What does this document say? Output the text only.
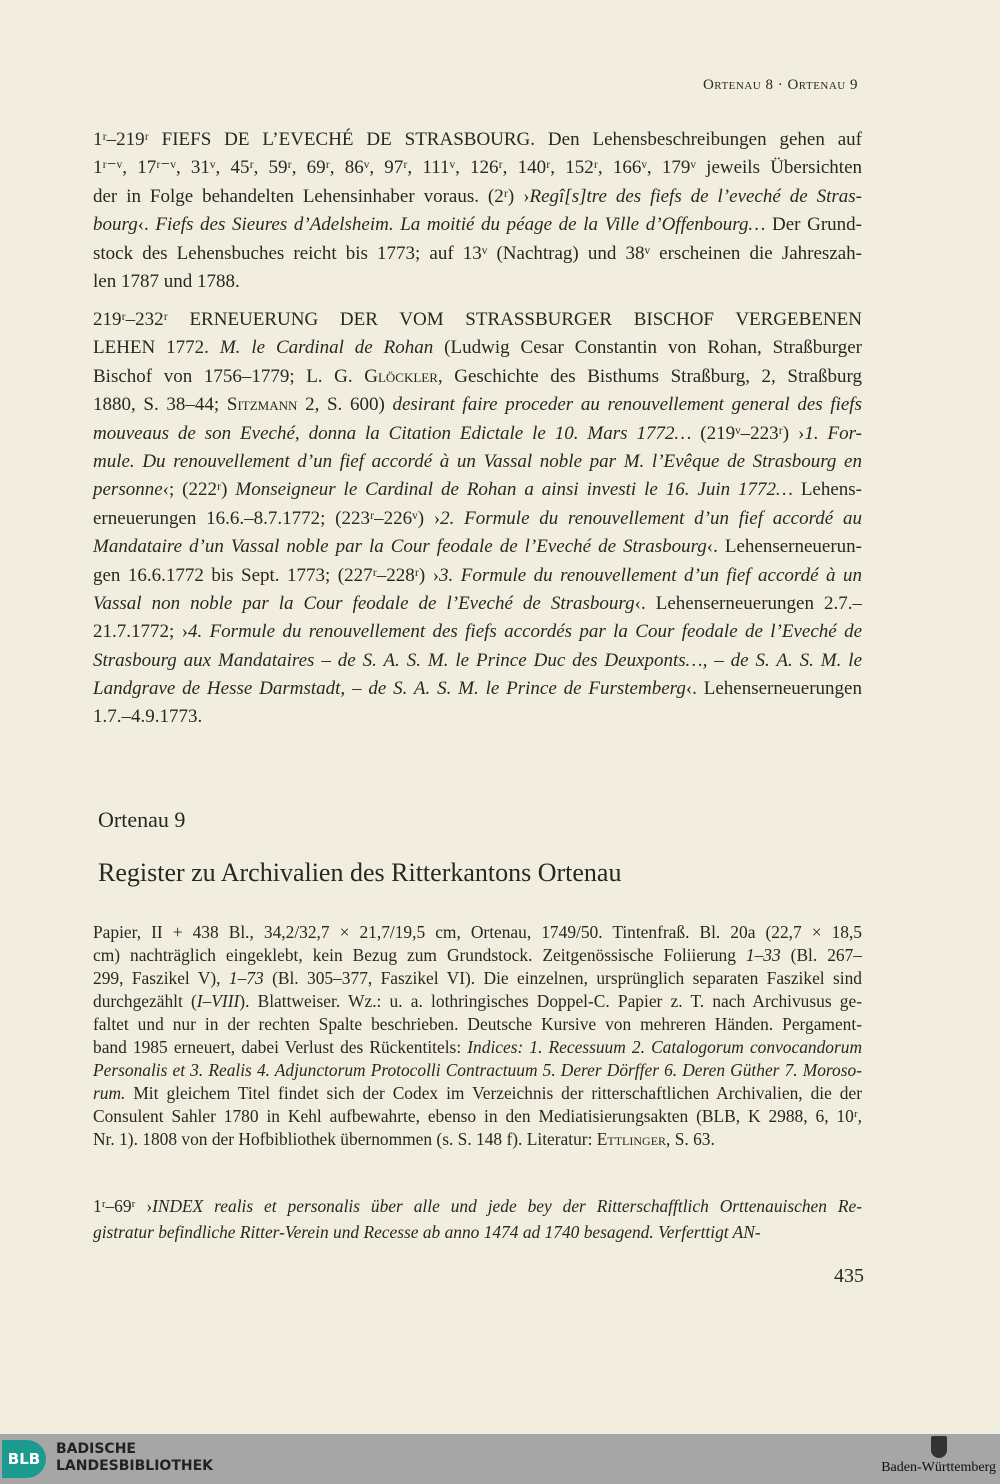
Ortenau 8 · Ortenau 9
1ʳ–219ʳ FIEFS DE L’EVECHÉ DE STRASBOURG. Den Lehensbeschreibungen gehen auf
1ʳ⁻ᵛ, 17ʳ⁻ᵛ, 31ᵛ, 45ʳ, 59ʳ, 69ʳ, 86ᵛ, 97ʳ, 111ᵛ, 126ʳ, 140ʳ, 152ʳ, 166ᵛ, 179ᵛ jeweils Übersichten
der in Folge behandelten Lehensinhaber voraus. (2ʳ) ›Regî[s]tre des fiefs de l’eveché de Stras-
bourg‹. Fiefs des Sieures d’Adelsheim. La moitié du péage de la Ville d’Offenbourg… Der Grund-
stock des Lehensbuches reicht bis 1773; auf 13ᵛ (Nachtrag) und 38ᵛ erscheinen die Jahreszah-
len 1787 und 1788.
219ʳ–232ʳ ERNEUERUNG DER VOM STRASSBURGER BISCHOF VERGEBENEN
LEHEN 1772. M. le Cardinal de Rohan (Ludwig Cesar Constantin von Rohan, Straßburger
Bischof von 1756–1779; L. G. Glöckler, Geschichte des Bisthums Straßburg, 2, Straßburg
1880, S. 38–44; Sitzmann 2, S. 600) desirant faire proceder au renouvellement general des fiefs
mouveaus de son Eveché, donna la Citation Edictale le 10. Mars 1772… (219ᵛ–223ʳ) ›1. For-
mule. Du renouvellement d’un fief accordé à un Vassal noble par M. l’Evêque de Strasbourg en
personne‹; (222ʳ) Monseigneur le Cardinal de Rohan a ainsi investi le 16. Juin 1772… Lehens-
erneuerungen 16.6.–8.7.1772; (223ʳ–226ᵛ) ›2. Formule du renouvellement d’un fief accordé au
Mandataire d’un Vassal noble par la Cour feodale de l’Eveché de Strasbourg‹. Lehenserneuerun-
gen 16.6.1772 bis Sept. 1773; (227ʳ–228ʳ) ›3. Formule du renouvellement d’un fief accordé à un
Vassal non noble par la Cour feodale de l’Eveché de Strasbourg‹. Lehenserneuerungen 2.7.–
21.7.1772; ›4. Formule du renouvellement des fiefs accordés par la Cour feodale de l’Eveché de
Strasbourg aux Mandataires – de S. A. S. M. le Prince Duc des Deuxponts…, – de S. A. S. M. le
Landgrave de Hesse Darmstadt, – de S. A. S. M. le Prince de Furstemberg‹. Lehenserneuerungen
1.7.–4.9.1773.
Ortenau 9
Register zu Archivalien des Ritterkantons Ortenau
Papier, II + 438 Bl., 34,2/32,7 × 21,7/19,5 cm, Ortenau, 1749/50. Tintenfraß. Bl. 20a (22,7 × 18,5
cm) nachträglich eingeklebt, kein Bezug zum Grundstock. Zeitgenössische Foliierung 1–33 (Bl. 267–
299, Faszikel V), 1–73 (Bl. 305–377, Faszikel VI). Die einzelnen, ursprünglich separaten Faszikel sind
durchgezählt (I–VIII). Blattweiser. Wz.: u. a. lothringisches Doppel-C. Papier z. T. nach Archivusus ge-
faltet und nur in der rechten Spalte beschrieben. Deutsche Kursive von mehreren Händen. Pergament-
band 1985 erneuert, dabei Verlust des Rückentitels: Indices: 1. Recessuum 2. Catalogorum convocandorum
Personalis et 3. Realis 4. Adjunctorum Protocolli Contractuum 5. Derer Dörffer 6. Deren Güther 7. Moroso-
rum. Mit gleichem Titel findet sich der Codex im Verzeichnis der ritterschaftlichen Archivalien, die der
Consulent Sahler 1780 in Kehl aufbewahrte, ebenso in den Mediatisierungsakten (BLB, K 2988, 6, 10ʳ,
Nr. 1). 1808 von der Hofbibliothek übernommen (s. S. 148 f). Literatur: Ettlinger, S. 63.
1ʳ–69ʳ ›INDEX realis et personalis über alle und jede bey der Ritterschafftlich Orttenauischen Re-
gistratur befindliche Ritter-Verein und Recesse ab anno 1474 ad 1740 besagend. Verferttigt AN-
435
BLB
BADISCHE
LANDESBIBLIOTHEK	Baden-Württemberg
